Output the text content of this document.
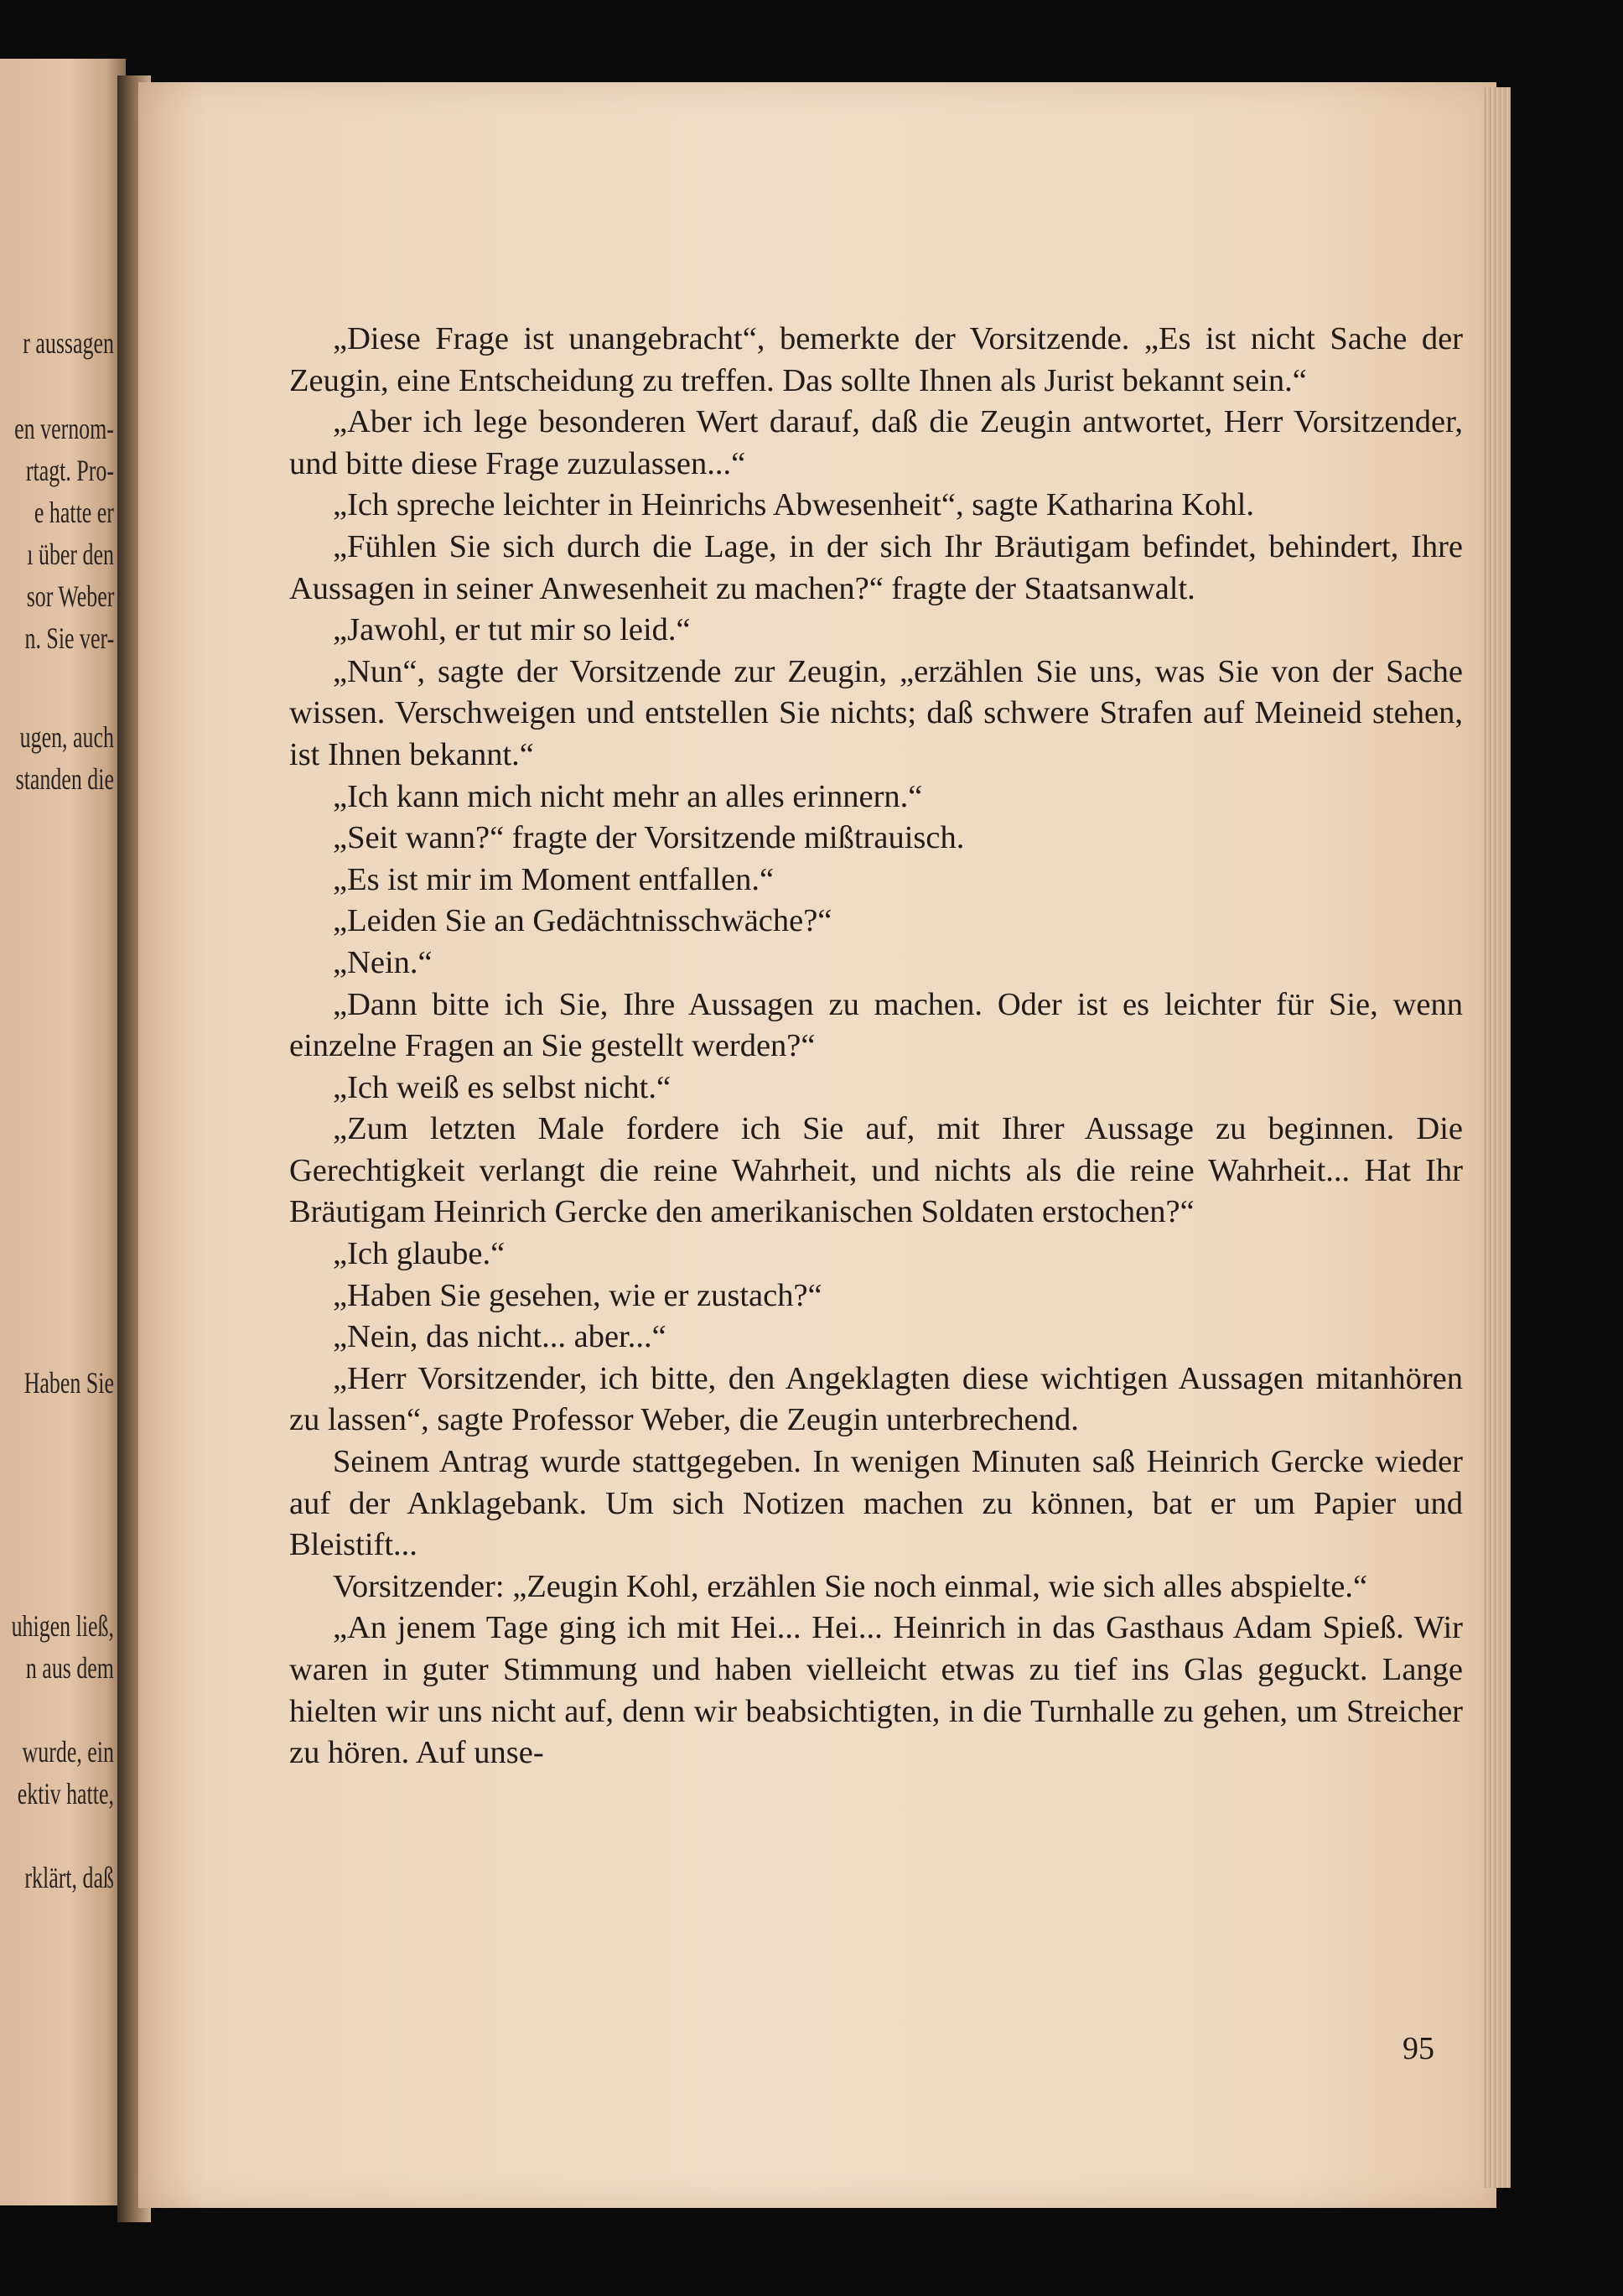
r aussagen
en vernom-
rtagt. Pro-
e hatte er
ı über den
sor Weber
n. Sie ver-
ugen, auch
standen die
Haben Sie
uhigen ließ,
n aus dem
wurde, ein
ektiv hatte,
rklärt, daß

„Diese Frage ist unangebracht“, bemerkte der Vorsitzende. „Es ist nicht Sache der Zeugin, eine Entscheidung zu treffen. Das sollte Ihnen als Jurist bekannt sein.“

„Aber ich lege besonderen Wert darauf, daß die Zeugin antwortet, Herr Vorsitzender, und bitte diese Frage zuzulassen...“

„Ich spreche leichter in Heinrichs Abwesenheit“, sagte Katharina Kohl.

„Fühlen Sie sich durch die Lage, in der sich Ihr Bräutigam befindet, behindert, Ihre Aussagen in seiner Anwesenheit zu machen?“ fragte der Staatsanwalt.

„Jawohl, er tut mir so leid.“

„Nun“, sagte der Vorsitzende zur Zeugin, „erzählen Sie uns, was Sie von der Sache wissen. Verschweigen und entstellen Sie nichts; daß schwere Strafen auf Meineid stehen, ist Ihnen bekannt.“

„Ich kann mich nicht mehr an alles erinnern.“

„Seit wann?“ fragte der Vorsitzende mißtrauisch.

„Es ist mir im Moment entfallen.“

„Leiden Sie an Gedächtnisschwäche?“

„Nein.“

„Dann bitte ich Sie, Ihre Aussagen zu machen. Oder ist es leichter für Sie, wenn einzelne Fragen an Sie gestellt werden?“

„Ich weiß es selbst nicht.“

„Zum letzten Male fordere ich Sie auf, mit Ihrer Aussage zu beginnen. Die Gerechtigkeit verlangt die reine Wahrheit, und nichts als die reine Wahrheit... Hat Ihr Bräutigam Heinrich Gercke den amerikanischen Soldaten erstochen?“

„Ich glaube.“

„Haben Sie gesehen, wie er zustach?“

„Nein, das nicht... aber...“

„Herr Vorsitzender, ich bitte, den Angeklagten diese wichtigen Aussagen mitanhören zu lassen“, sagte Professor Weber, die Zeugin unterbrechend.

Seinem Antrag wurde stattgegeben. In wenigen Minuten saß Heinrich Gercke wieder auf der Anklagebank. Um sich Notizen machen zu können, bat er um Papier und Bleistift...

Vorsitzender: „Zeugin Kohl, erzählen Sie noch einmal, wie sich alles abspielte.“

„An jenem Tage ging ich mit Hei... Hei... Heinrich in das Gasthaus Adam Spieß. Wir waren in guter Stimmung und haben vielleicht etwas zu tief ins Glas geguckt. Lange hielten wir uns nicht auf, denn wir beabsichtigten, in die Turnhalle zu gehen, um Streicher zu hören. Auf unse-

95
